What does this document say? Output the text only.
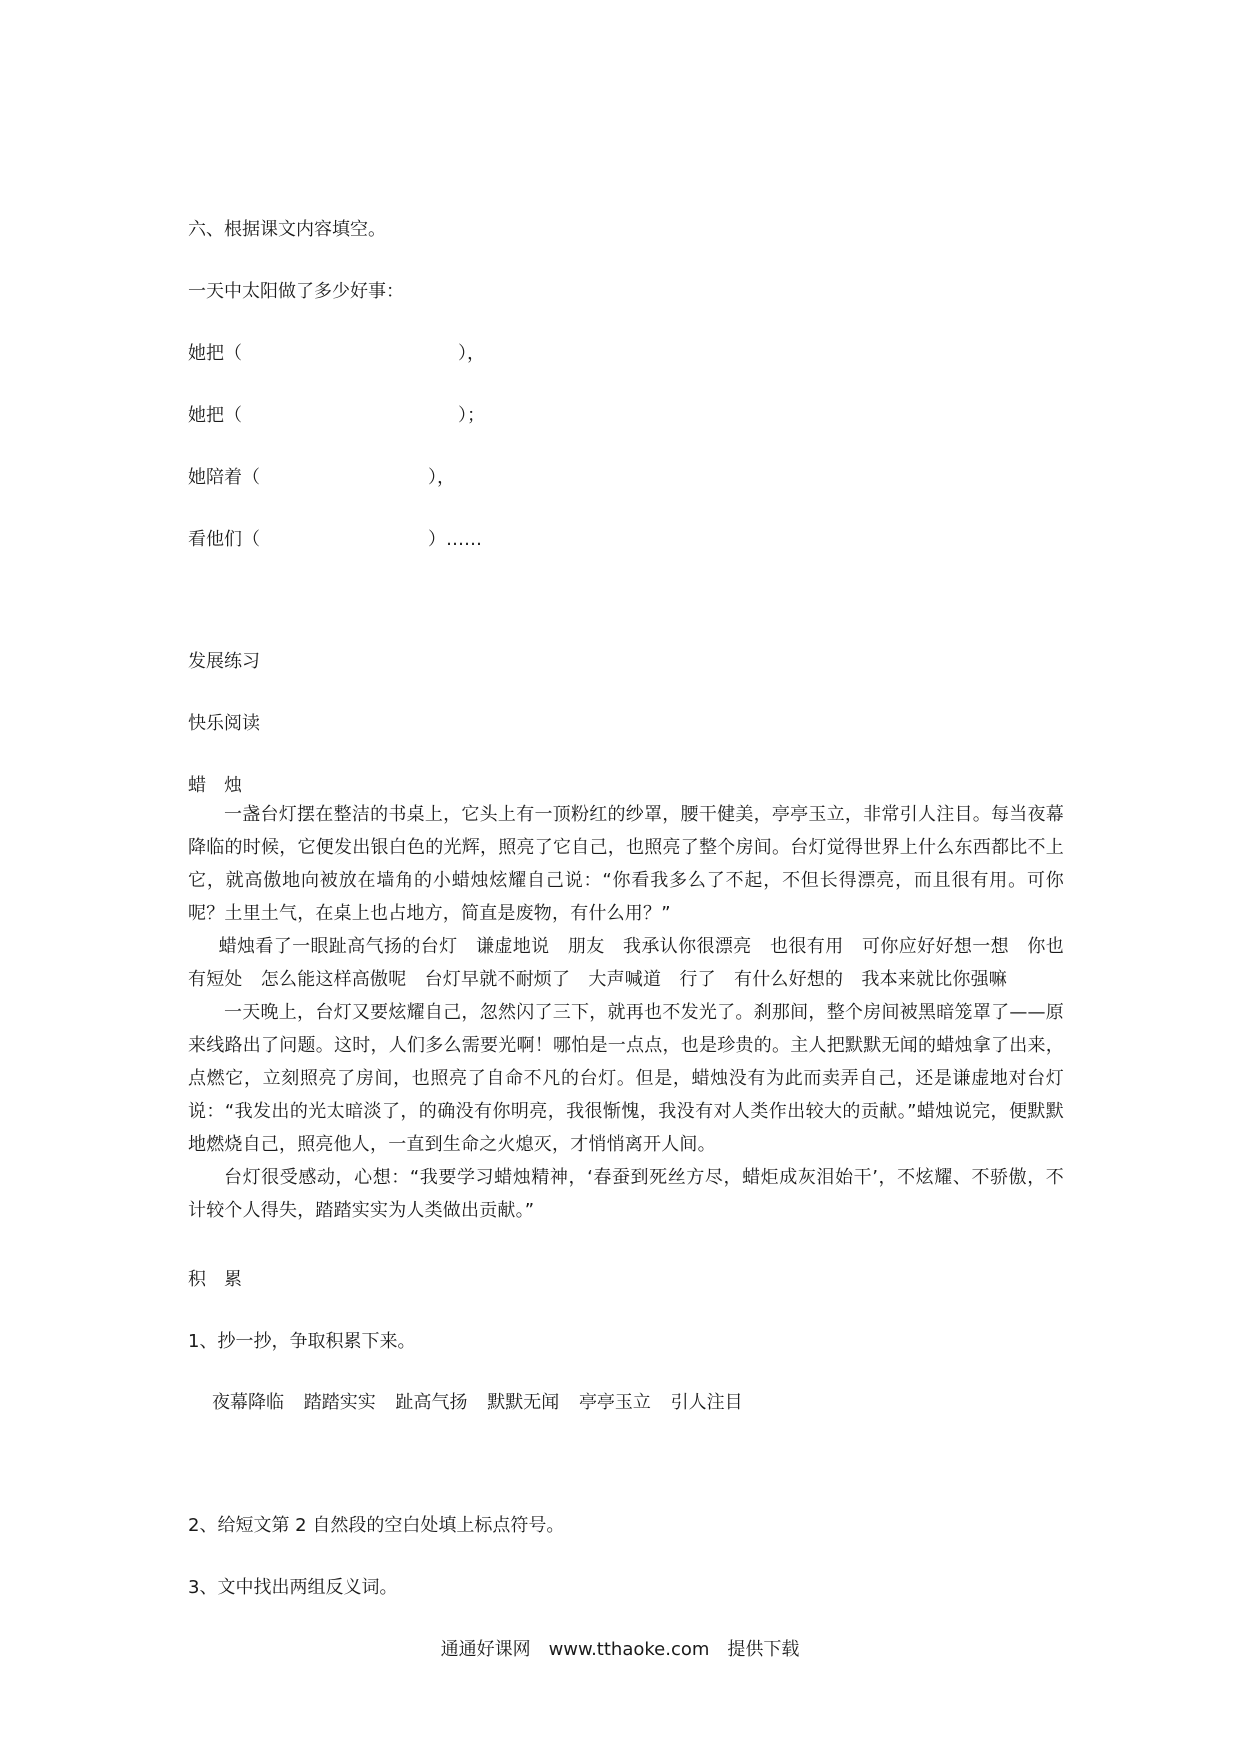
六、根据课文内容填空。
一天中太阳做了多少好事：
她把（	），
她把（	）；
她陪着（	），
看他们（	）……
发展练习
快乐阅读
蜡　烛

一盏台灯摆在整洁的书桌上，它头上有一顶粉红的纱罩，腰干健美，亭亭玉立，非常引人注目。每当夜幕降临的时候，它便发出银白色的光辉，照亮了它自己，也照亮了整个房间。台灯觉得世界上什么东西都比不上它，就高傲地向被放在墙角的小蜡烛炫耀自己说：“你看我多么了不起，不但长得漂亮，而且很有用。可你呢？土里土气，在桌上也占地方，简直是废物，有什么用？”

蜡烛看了一眼趾高气扬的台灯　谦虚地说　朋友　我承认你很漂亮　也很有用　可你应好好想一想　你也有短处　怎么能这样高傲呢　台灯早就不耐烦了　大声喊道　行了　有什么好想的　我本来就比你强嘛

一天晚上，台灯又要炫耀自己，忽然闪了三下，就再也不发光了。刹那间，整个房间被黑暗笼罩了——原来线路出了问题。这时，人们多么需要光啊！哪怕是一点点，也是珍贵的。主人把默默无闻的蜡烛拿了出来，点燃它，立刻照亮了房间，也照亮了自命不凡的台灯。但是，蜡烛没有为此而卖弄自己，还是谦虚地对台灯说：“我发出的光太暗淡了，的确没有你明亮，我很惭愧，我没有对人类作出较大的贡献。”蜡烛说完，便默默地燃烧自己，照亮他人，一直到生命之火熄灭，才悄悄离开人间。

台灯很受感动，心想：“我要学习蜡烛精神，‘春蚕到死丝方尽，蜡炬成灰泪始干’，不炫耀、不骄傲，不计较个人得失，踏踏实实为人类做出贡献。”

积　累
1、抄一抄，争取积累下来。
夜幕降临 踏踏实实 趾高气扬 默默无闻 亭亭玉立 引人注目
2、给短文第 2 自然段的空白处填上标点符号。
3、文中找出两组反义词。
通通好课网　www.tthaoke.com　提供下载
